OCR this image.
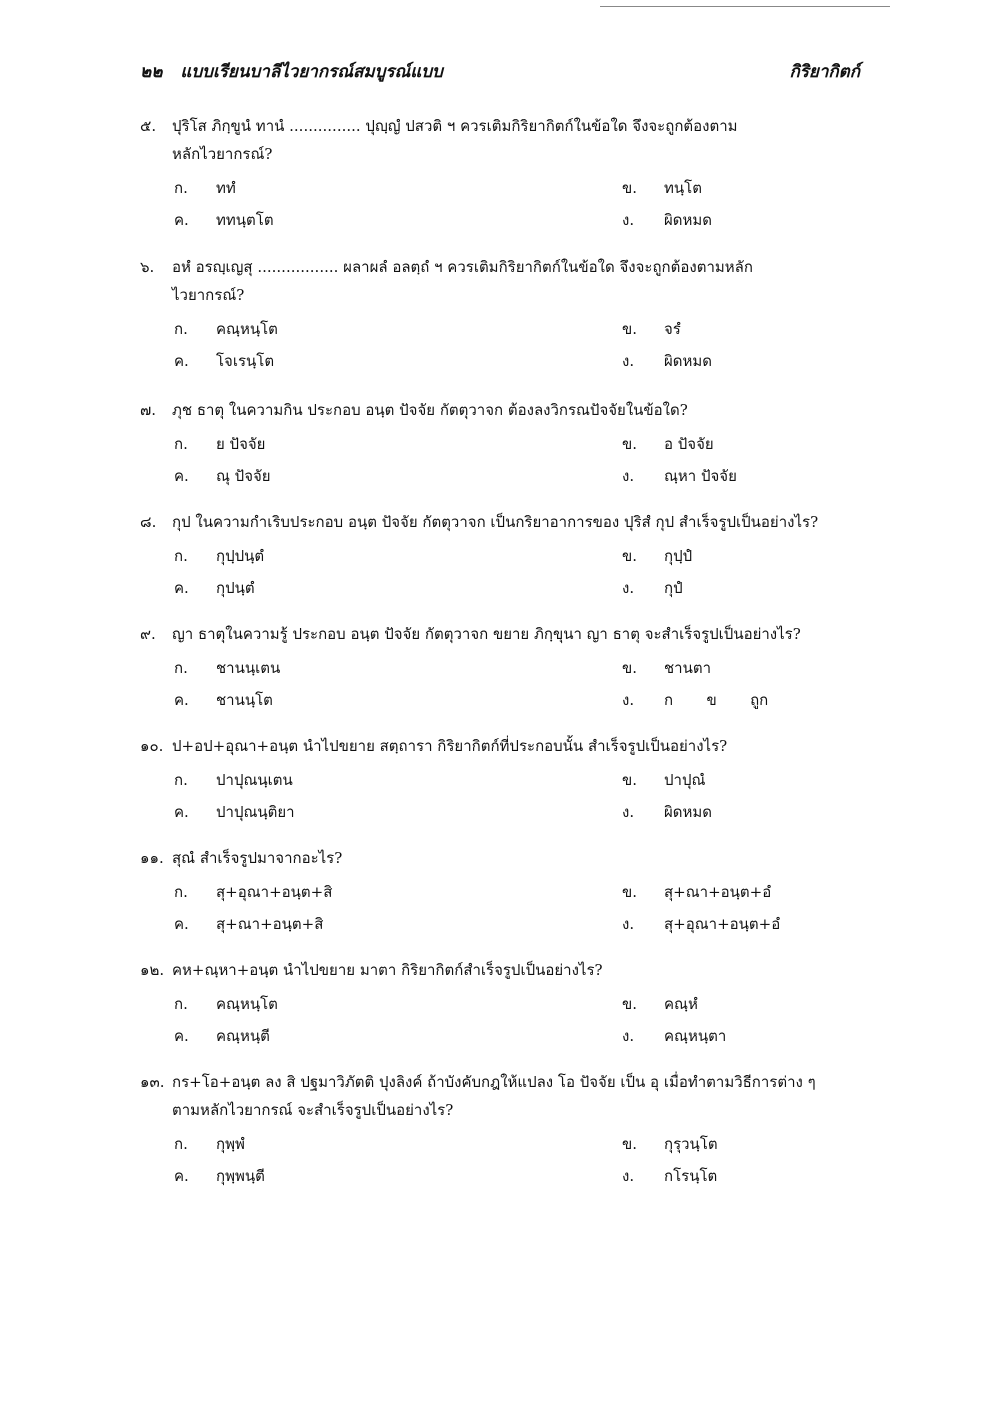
๒๒ แบบเรียนบาลีไวยากรณ์สมบูรณ์แบบ	กิริยากิตก์
๕. ปุริโส ภิกฺขูนํ ทานํ ............... ปุญฺญํ ปสวติ ฯ ควรเติมกิริยากิตก์ในข้อใด จึงจะถูกต้องตาม
หลักไวยากรณ์?
ก. ททํ	ข. ทนฺโต
ค. ททนฺตโต	ง. ผิดหมด
๖. อหํ อรญฺเญสุ ................. ผลาผลํ อลตฺถํ ฯ ควรเติมกิริยากิตก์ในข้อใด จึงจะถูกต้องตามหลัก
ไวยากรณ์?
ก. คณฺหนฺโต	ข. จรํ
ค. โจเรนฺโต	ง. ผิดหมด
๗. ภุช ธาตุ ในความกิน ประกอบ อนฺต ปัจจัย กัตตุวาจก ต้องลงวิกรณปัจจัยในข้อใด?
ก. ย ปัจจัย	ข. อ ปัจจัย
ค. ณุ ปัจจัย	ง. ณฺหา ปัจจัย
๘. กุป ในความกำเริบประกอบ อนฺต ปัจจัย กัตตุวาจก เป็นกริยาอาการของ ปุริสํ กุป สำเร็จรูปเป็นอย่างไร?
ก. กุปฺปนฺตํ	ข. กุปฺปํ
ค. กุปนฺตํ	ง. กุปํ
๙. ญา ธาตุในความรู้ ประกอบ อนฺต ปัจจัย กัตตุวาจก ขยาย ภิกฺขุนา ญา ธาตุ จะสำเร็จรูปเป็นอย่างไร?
ก. ชานนฺเตน	ข. ชานตา
ค. ชานนฺโต	ง. ก       ข       ถูก
๑๐. ป+อป+อุณา+อนฺต นำไปขยาย สตฺถารา กิริยากิตก์ที่ประกอบนั้น สำเร็จรูปเป็นอย่างไร?
ก. ปาปุณนฺเตน	ข. ปาปุณํ
ค. ปาปุณนฺติยา	ง. ผิดหมด
๑๑. สุณํ สำเร็จรูปมาจากอะไร?
ก. สุ+อุณา+อนฺต+สิ	ข. สุ+ณา+อนฺต+อํ
ค. สุ+ณา+อนฺต+สิ	ง. สุ+อุณา+อนฺต+อํ
๑๒. คห+ณฺหา+อนฺต นำไปขยาย มาตา กิริยากิตก์สำเร็จรูปเป็นอย่างไร?
ก. คณฺหนฺโต	ข. คณฺหํ
ค. คณฺหนฺตี	ง. คณฺหนฺตา
๑๓. กร+โอ+อนฺต ลง สิ ปฐมาวิภัตติ ปุงลิงค์ ถ้าบังคับกฎให้แปลง โอ ปัจจัย เป็น อุ เมื่อทำตามวิธีการต่าง ๆ
ตามหลักไวยากรณ์ จะสำเร็จรูปเป็นอย่างไร?
ก. กุพฺพํ	ข. กุรุวนฺโต
ค. กุพฺพนฺตี	ง. กโรนฺโต
